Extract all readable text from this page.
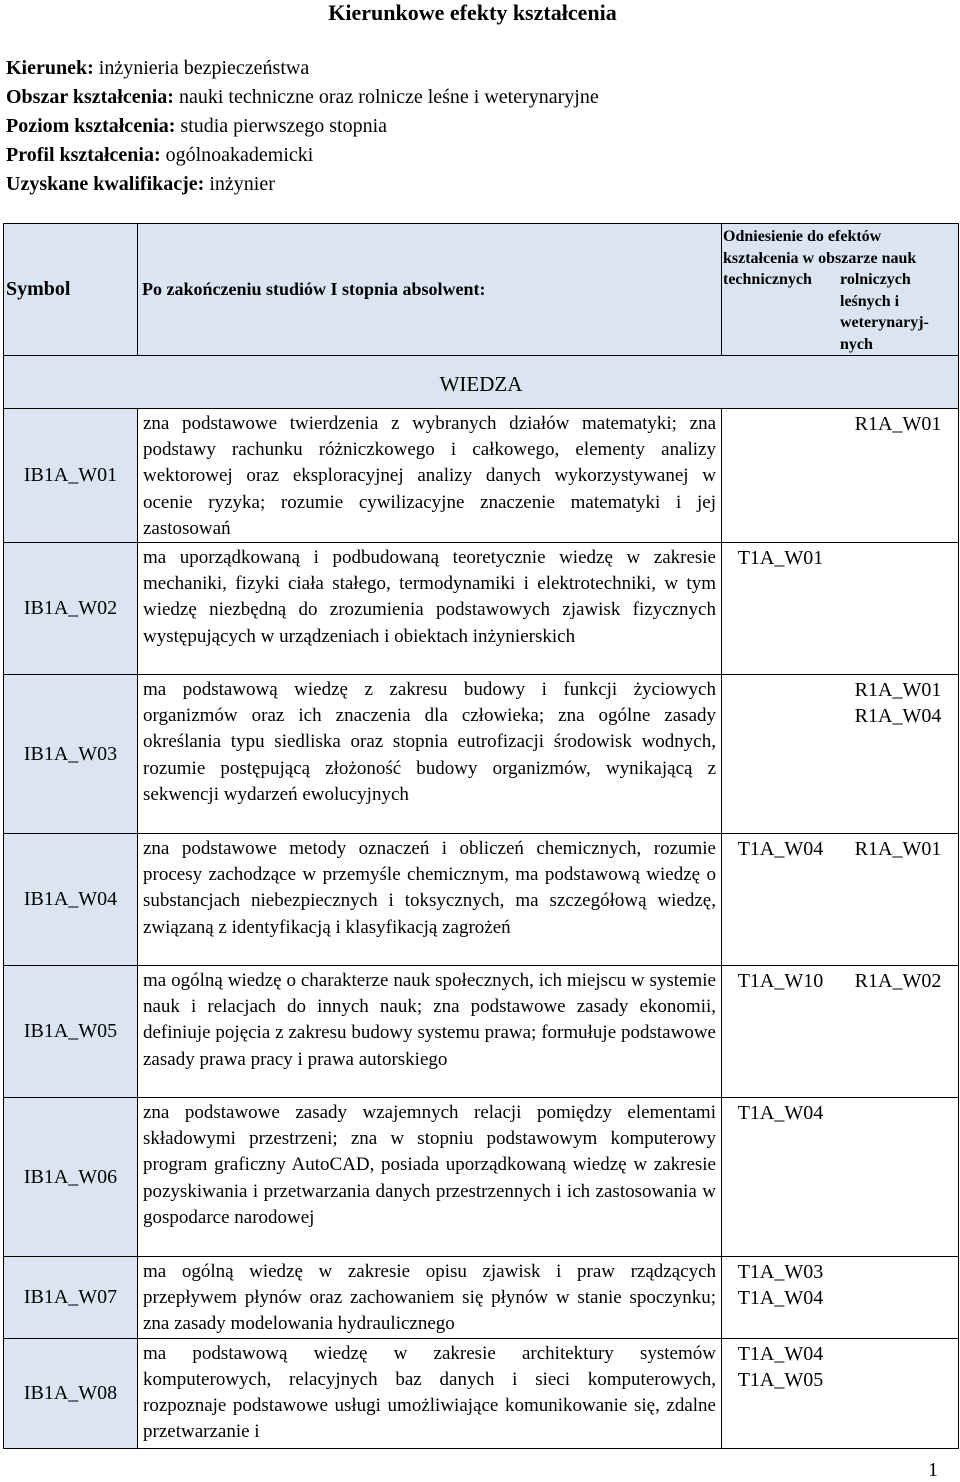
Kierunkowe efekty kształcenia
Kierunek: inżynieria bezpieczeństwa
Obszar kształcenia: nauki techniczne oraz rolnicze leśne i weterynaryjne
Poziom kształcenia: studia pierwszego stopnia
Profil kształcenia: ogólnoakademicki
Uzyskane kwalifikacje: inżynier
Symbol	Po zakończeniu studiów I stopnia absolwent:	Odniesienie do efektów kształcenia w obszarze nauk
technicznych rolniczych leśnych i weterynaryj-nych

WIEDZA		
IB1A_W01	zna podstawowe twierdzenia z wybranych działów matematyki; zna podstawy rachunku różniczkowego i całkowego, elementy analizy wektorowej oraz eksploracyjnej analizy danych wykorzystywanej w ocenie ryzyka; rozumie cywilizacyjne znaczenie matematyki i jej zastosowań	R1A_W01

IB1A_W02	ma uporządkowaną i podbudowaną teoretycznie wiedzę w zakresie mechaniki, fizyki ciała stałego, termodynamiki i elektrotechniki, w tym wiedzę niezbędną do zrozumienia podstawowych zjawisk fizycznych występujących w urządzeniach i obiektach inżynierskich	T1A_W01

IB1A_W03	ma podstawową wiedzę z zakresu budowy i funkcji życiowych organizmów oraz ich znaczenia dla człowieka; zna ogólne zasady określania typu siedliska oraz stopnia eutrofizacji środowisk wodnych, rozumie postępującą złożoność budowy organizmów, wynikającą z sekwencji wydarzeń ewolucyjnych	R1A_W01
R1A_W04

IB1A_W04	zna podstawowe metody oznaczeń i obliczeń chemicznych, rozumie procesy zachodzące w przemyśle chemicznym, ma podstawową wiedzę o substancjach niebezpiecznych i toksycznych, ma szczegółową wiedzę, związaną z identyfikacją i klasyfikacją zagrożeń	T1A_W04 R1A_W01

IB1A_W05	ma ogólną wiedzę o charakterze nauk społecznych, ich miejscu w systemie nauk i relacjach do innych nauk; zna podstawowe zasady ekonomii, definiuje pojęcia z zakresu budowy systemu prawa; formułuje podstawowe zasady prawa pracy i prawa autorskiego	T1A_W10 R1A_W02

IB1A_W06	zna podstawowe zasady wzajemnych relacji pomiędzy elementami składowymi przestrzeni; zna w stopniu podstawowym komputerowy program graficzny AutoCAD, posiada uporządkowaną wiedzę w zakresie pozyskiwania i przetwarzania danych przestrzennych i ich zastosowania w gospodarce narodowej	T1A_W04

IB1A_W07	ma ogólną wiedzę w zakresie opisu zjawisk i praw rządzących przepływem płynów oraz zachowaniem się płynów w stanie spoczynku; zna zasady modelowania hydraulicznego	T1A_W03
T1A_W04

IB1A_W08	ma podstawową wiedzę w zakresie architektury systemów komputerowych, relacyjnych baz danych i sieci komputerowych, rozpoznaje podstawowe usługi umożliwiające komunikowanie się, zdalne przetwarzanie i	T1A_W04
T1A_W05
1
